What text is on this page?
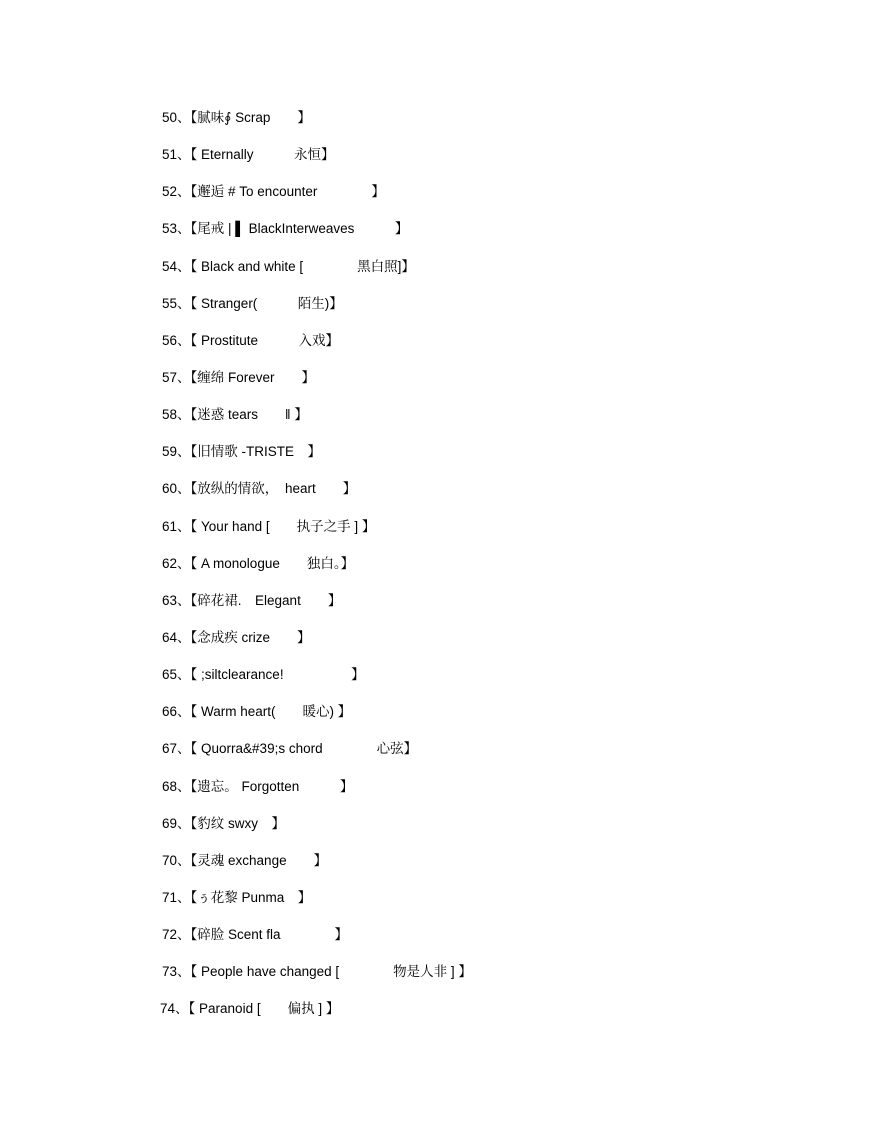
50、【腻味∮ Scrap　　】
51、【 Eternally　　　永恒】
52、【邂逅 # To encounter　　　　】
53、【尾戒 | ▌ BlackInterweaves　　　】
54、【 Black and white [　　　　黑白照]】
55、【 Stranger(　　　陌生)】
56、【 Prostitute　　　入戏】
57、【缠绵 Forever　　】
58、【迷惑 tears　　‖ 】
59、【旧情歌 -TRISTE　】
60、【放纵的情欲，　heart　　】
61、【 Your hand [　　执子之手 ] 】
62、【 A monologue　　独白。】
63、【碎花裙.　Elegant　　】
64、【念成疾 crize　　】
65、【 ;siltclearance!　　　　　】
66、【 Warm heart(　　暖心) 】
67、【 Quorra&#39;s chord　　　　心弦】
68、【遗忘。 Forgotten　　　】
69、【豹纹 swxy　】
70、【灵魂 exchange　　】
71、【ぅ花黎 Punma　】
72、【碎脸 Scent fla　　　　】
73、【 People have changed [　　　　物是人非 ] 】
74、【 Paranoid [　　偏执 ] 】
